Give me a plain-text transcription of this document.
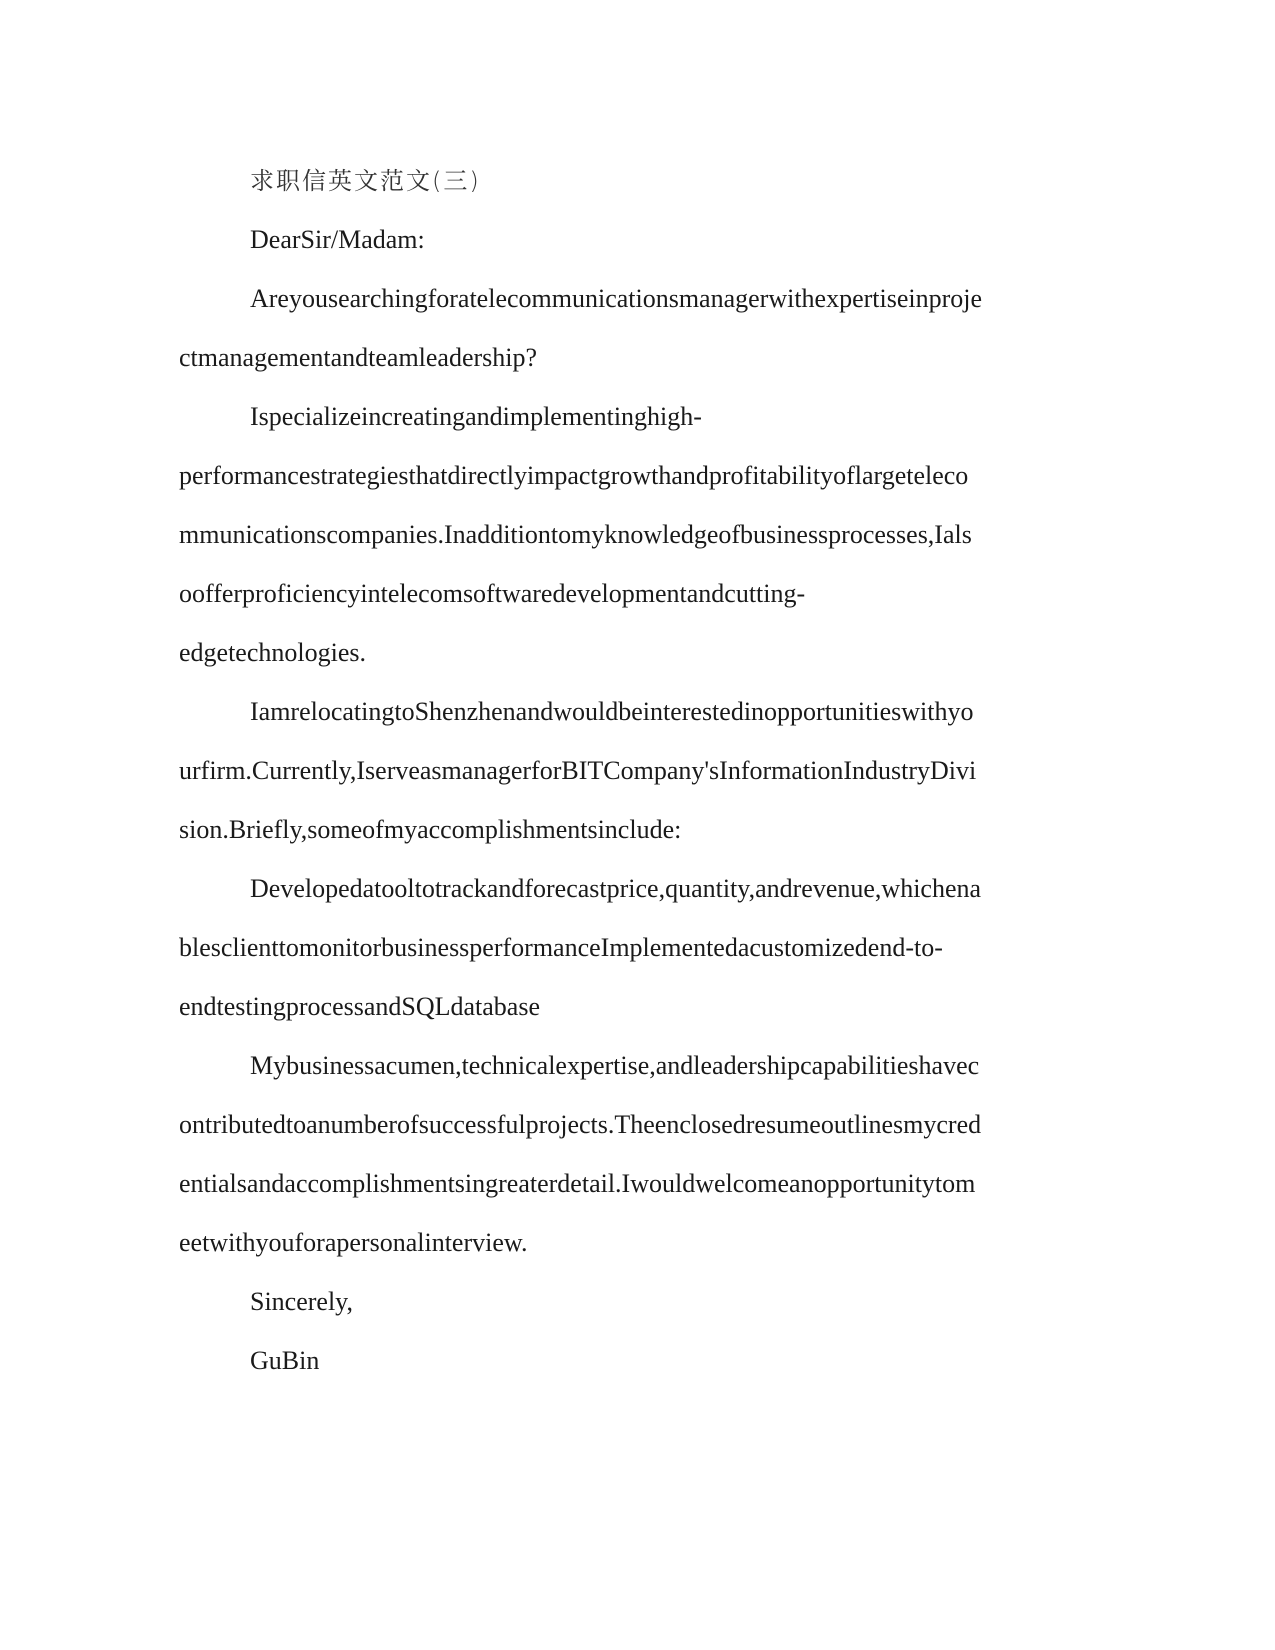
求职信英文范文(三)
DearSir/Madam:
Areyousearchingforatelecommunicationsmanagerwithexpertiseinproje
ctmanagementandteamleadership?
Ispecializeincreatingandimplementinghigh-
performancestrategiesthatdirectlyimpactgrowthandprofitabilityoflargeteleco
mmunicationscompanies.Inadditiontomyknowledgeofbusinessprocesses,Ials
oofferproficiencyintelecomsoftwaredevelopmentandcutting-
edgetechnologies.
IamrelocatingtoShenzhenandwouldbeinterestedinopportunitieswithyo
urfirm.Currently,IserveasmanagerforBITCompany'sInformationIndustryDivi
sion.Briefly,someofmyaccomplishmentsinclude:
Developedatooltotrackandforecastprice,quantity,andrevenue,whichena
blesclienttomonitorbusinessperformanceImplementedacustomizedend-to-
endtestingprocessandSQLdatabase
Mybusinessacumen,technicalexpertise,andleadershipcapabilitieshavec
ontributedtoanumberofsuccessfulprojects.Theenclosedresumeoutlinesmycred
entialsandaccomplishmentsingreaterdetail.Iwouldwelcomeanopportunitytom
eetwithyouforapersonalinterview.
Sincerely,
GuBin
